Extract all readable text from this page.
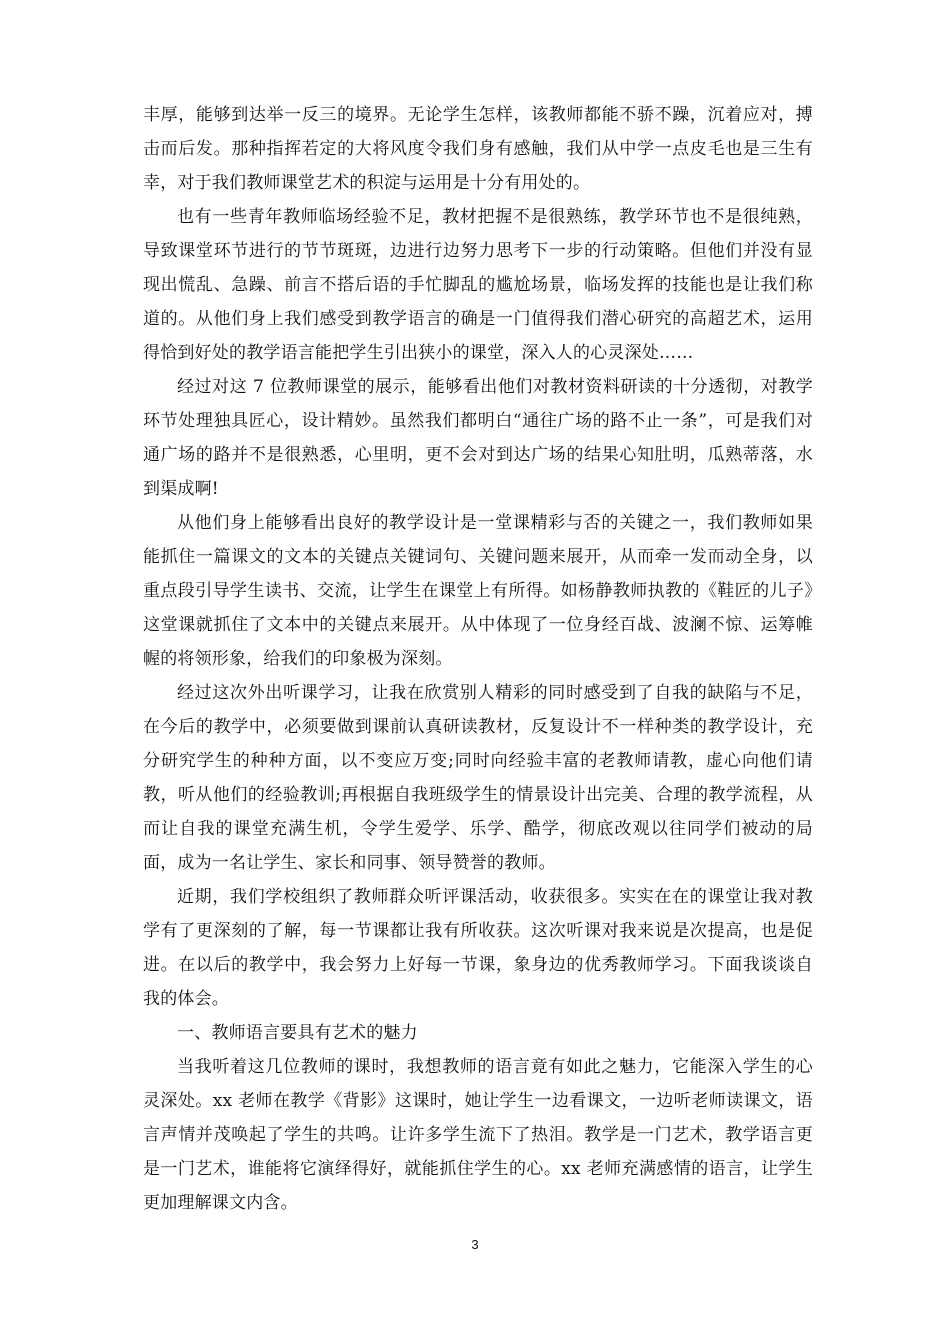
丰厚，能够到达举一反三的境界。无论学生怎样，该教师都能不骄不躁，沉着应对，搏击而后发。那种指挥若定的大将风度令我们身有感触，我们从中学一点皮毛也是三生有幸，对于我们教师课堂艺术的积淀与运用是十分有用处的。

也有一些青年教师临场经验不足，教材把握不是很熟练，教学环节也不是很纯熟，导致课堂环节进行的节节斑斑，边进行边努力思考下一步的行动策略。但他们并没有显现出慌乱、急躁、前言不搭后语的手忙脚乱的尴尬场景，临场发挥的技能也是让我们称道的。从他们身上我们感受到教学语言的确是一门值得我们潜心研究的高超艺术，运用得恰到好处的教学语言能把学生引出狭小的课堂，深入人的心灵深处……

经过对这 7 位教师课堂的展示，能够看出他们对教材资料研读的十分透彻，对教学环节处理独具匠心，设计精妙。虽然我们都明白“通往广场的路不止一条”，可是我们对通广场的路并不是很熟悉，心里明，更不会对到达广场的结果心知肚明，瓜熟蒂落，水到渠成啊!

从他们身上能够看出良好的教学设计是一堂课精彩与否的关键之一，我们教师如果能抓住一篇课文的文本的关键点关键词句、关键问题来展开，从而牵一发而动全身，以重点段引导学生读书、交流，让学生在课堂上有所得。如杨静教师执教的《鞋匠的儿子》这堂课就抓住了文本中的关键点来展开。从中体现了一位身经百战、波澜不惊、运筹帷幄的将领形象，给我们的印象极为深刻。

经过这次外出听课学习，让我在欣赏别人精彩的同时感受到了自我的缺陷与不足，在今后的教学中，必须要做到课前认真研读教材，反复设计不一样种类的教学设计，充分研究学生的种种方面，以不变应万变;同时向经验丰富的老教师请教，虚心向他们请教，听从他们的经验教训;再根据自我班级学生的情景设计出完美、合理的教学流程，从而让自我的课堂充满生机，令学生爱学、乐学、酷学，彻底改观以往同学们被动的局面，成为一名让学生、家长和同事、领导赞誉的教师。

近期，我们学校组织了教师群众听评课活动，收获很多。实实在在的课堂让我对教学有了更深刻的了解，每一节课都让我有所收获。这次听课对我来说是次提高，也是促进。在以后的教学中，我会努力上好每一节课，象身边的优秀教师学习。下面我谈谈自我的体会。

一、教师语言要具有艺术的魅力

当我听着这几位教师的课时，我想教师的语言竟有如此之魅力，它能深入学生的心灵深处。xx 老师在教学《背影》这课时，她让学生一边看课文，一边听老师读课文，语言声情并茂唤起了学生的共鸣。让许多学生流下了热泪。教学是一门艺术，教学语言更是一门艺术，谁能将它演绎得好，就能抓住学生的心。xx 老师充满感情的语言，让学生更加理解课文内含。

3
